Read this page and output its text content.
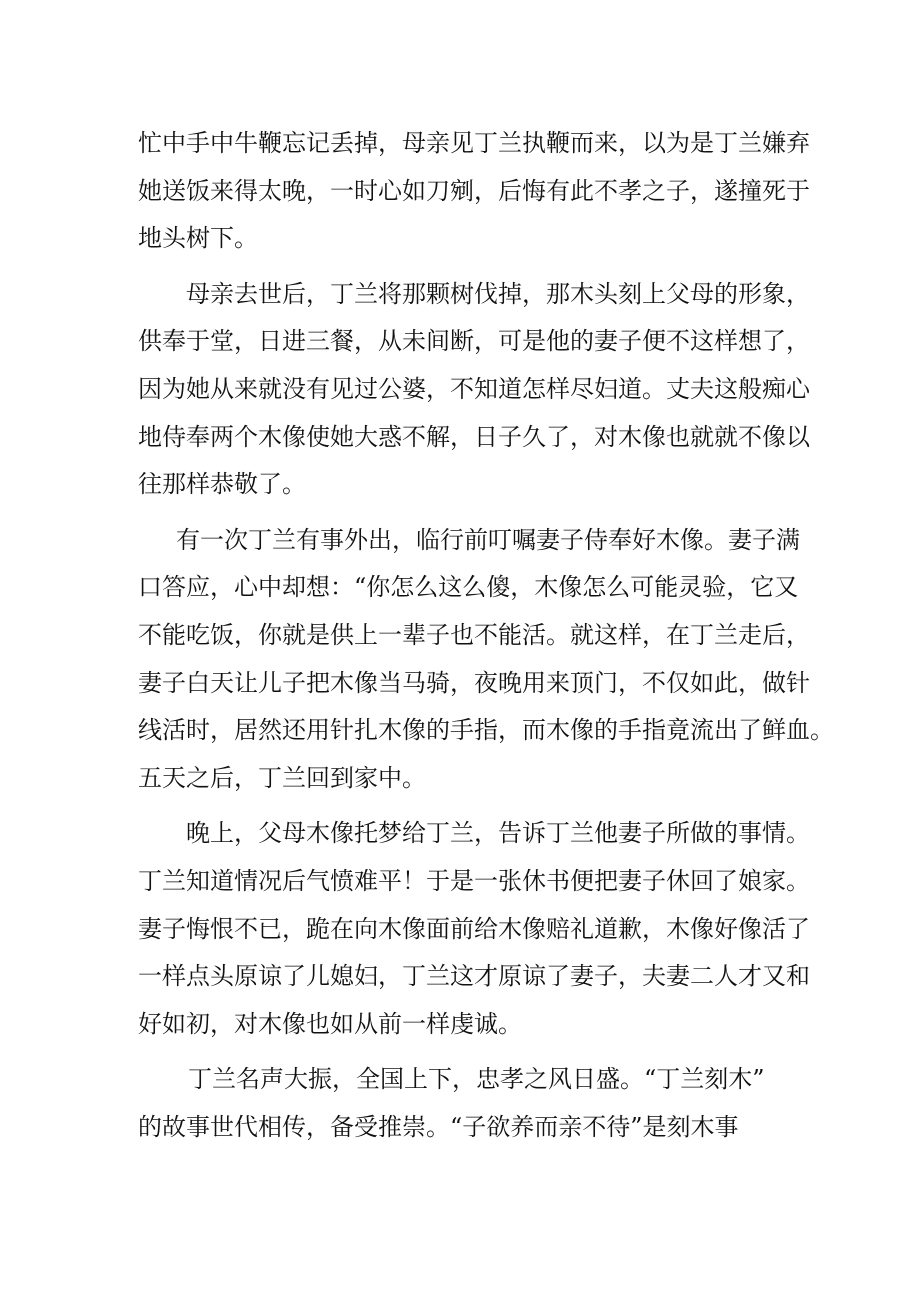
忙中手中牛鞭忘记丢掉，母亲见丁兰执鞭而来，以为是丁兰嫌弃
她送饭来得太晚，一时心如刀剜，后悔有此不孝之子，遂撞死于
地头树下。

母亲去世后，丁兰将那颗树伐掉，那木头刻上父母的形象，
供奉于堂，日进三餐，从未间断，可是他的妻子便不这样想了，
因为她从来就没有见过公婆，不知道怎样尽妇道。丈夫这般痴心
地侍奉两个木像使她大惑不解，日子久了，对木像也就就不像以
往那样恭敬了。

有一次丁兰有事外出，临行前叮嘱妻子侍奉好木像。妻子满
口答应，心中却想：“你怎么这么傻，木像怎么可能灵验，它又
不能吃饭，你就是供上一辈子也不能活。就这样，在丁兰走后，
妻子白天让儿子把木像当马骑，夜晚用来顶门，不仅如此，做针
线活时，居然还用针扎木像的手指，而木像的手指竟流出了鲜血。
五天之后，丁兰回到家中。

晚上，父母木像托梦给丁兰，告诉丁兰他妻子所做的事情。
丁兰知道情况后气愤难平！于是一张休书便把妻子休回了娘家。
妻子悔恨不已，跪在向木像面前给木像赔礼道歉，木像好像活了
一样点头原谅了儿媳妇，丁兰这才原谅了妻子，夫妻二人才又和
好如初，对木像也如从前一样虔诚。

丁兰名声大振，全国上下，忠孝之风日盛。“丁兰刻木”
的故事世代相传，备受推崇。“子欲养而亲不待”是刻木事
